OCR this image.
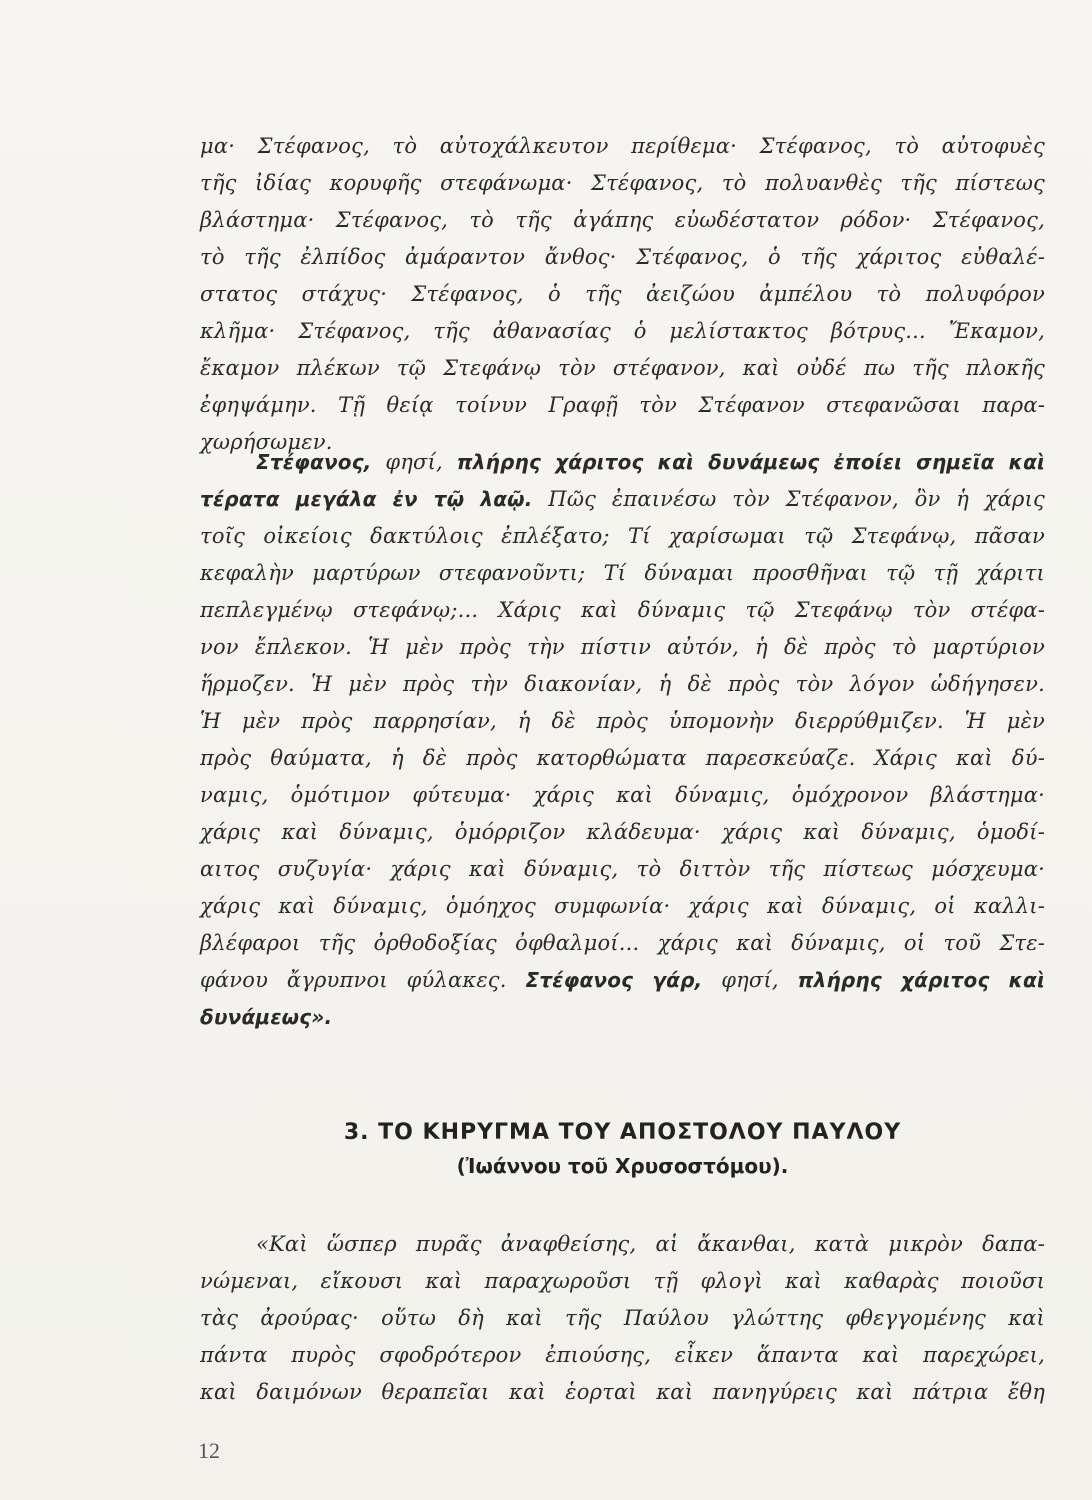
μα· Στέφανος, τὸ αὐτοχάλκευτον περίθεμα· Στέφανος, τὸ αὐτοφυὲς
τῆς ἰδίας κορυφῆς στεφάνωμα· Στέφανος, τὸ πολυανθὲς τῆς πίστεως
βλάστημα· Στέφανος, τὸ τῆς ἀγάπης εὐωδέστατον ρόδον· Στέφανος,
τὸ τῆς ἐλπίδος ἀμάραντον ἄνθος· Στέφανος, ὁ τῆς χάριτος εὐθαλέ-
στατος στάχυς· Στέφανος, ὁ τῆς ἀειζώου ἀμπέλου τὸ πολυφόρον
κλῆμα· Στέφανος, τῆς ἀθανασίας ὁ μελίστακτος βότρυς... Ἔκαμον,
ἔκαμον πλέκων τῷ Στεφάνῳ τὸν στέφανον, καὶ οὐδέ πω τῆς πλοκῆς
ἐφηψάμην. Τῇ θείᾳ τοίνυν Γραφῇ τὸν Στέφανον στεφανῶσαι παρα-
χωρήσωμεν.
Στέφανος, φησί, πλήρης χάριτος καὶ δυνάμεως ἐποίει σημεῖα καὶ
τέρατα μεγάλα ἐν τῷ λαῷ. Πῶς ἐπαινέσω τὸν Στέφανον, ὃν ἡ χάρις
τοῖς οἰκείοις δακτύλοις ἐπλέξατο; Τί χαρίσωμαι τῷ Στεφάνῳ, πᾶσαν
κεφαλὴν μαρτύρων στεφανοῦντι; Τί δύναμαι προσθῆναι τῷ τῇ χάριτι
πεπλεγμένῳ στεφάνῳ;... Χάρις καὶ δύναμις τῷ Στεφάνῳ τὸν στέφα-
νον ἔπλεκον. Ἡ μὲν πρὸς τὴν πίστιν αὐτόν, ἡ δὲ πρὸς τὸ μαρτύριον
ἥρμοζεν. Ἡ μὲν πρὸς τὴν διακονίαν, ἡ δὲ πρὸς τὸν λόγον ὡδήγησεν.
Ἡ μὲν πρὸς παρρησίαν, ἡ δὲ πρὸς ὑπομονὴν διερρύθμιζεν. Ἡ μὲν
πρὸς θαύματα, ἡ δὲ πρὸς κατορθώματα παρεσκεύαζε. Χάρις καὶ δύ-
ναμις, ὁμότιμον φύτευμα· χάρις καὶ δύναμις, ὁμόχρονον βλάστημα·
χάρις καὶ δύναμις, ὁμόρριζον κλάδευμα· χάρις καὶ δύναμις, ὁμοδί-
αιτος συζυγία· χάρις καὶ δύναμις, τὸ διττὸν τῆς πίστεως μόσχευμα·
χάρις καὶ δύναμις, ὁμόηχος συμφωνία· χάρις καὶ δύναμις, οἱ καλλι-
βλέφαροι τῆς ὀρθοδοξίας ὀφθαλμοί... χάρις καὶ δύναμις, οἱ τοῦ Στε-
φάνου ἄγρυπνοι φύλακες. Στέφανος γάρ, φησί, πλήρης χάριτος καὶ
δυνάμεως».
3. ΤΟ ΚΗΡΥΓΜΑ ΤΟΥ ΑΠΟΣΤΟΛΟΥ ΠΑΥΛΟΥ
(Ἰωάννου τοῦ Χρυσοστόμου).
«Καὶ ὥσπερ πυρᾶς ἀναφθείσης, αἱ ἄκανθαι, κατὰ μικρὸν δαπα-
νώμεναι, εἴκουσι καὶ παραχωροῦσι τῇ φλογὶ καὶ καθαρὰς ποιοῦσι
τὰς ἀρούρας· οὕτω δὴ καὶ τῆς Παύλου γλώττης φθεγγομένης καὶ
πάντα πυρὸς σφοδρότερον ἐπιούσης, εἶκεν ἅπαντα καὶ παρεχώρει,
καὶ δαιμόνων θεραπεῖαι καὶ ἑορταὶ καὶ πανηγύρεις καὶ πάτρια ἔθη
12
